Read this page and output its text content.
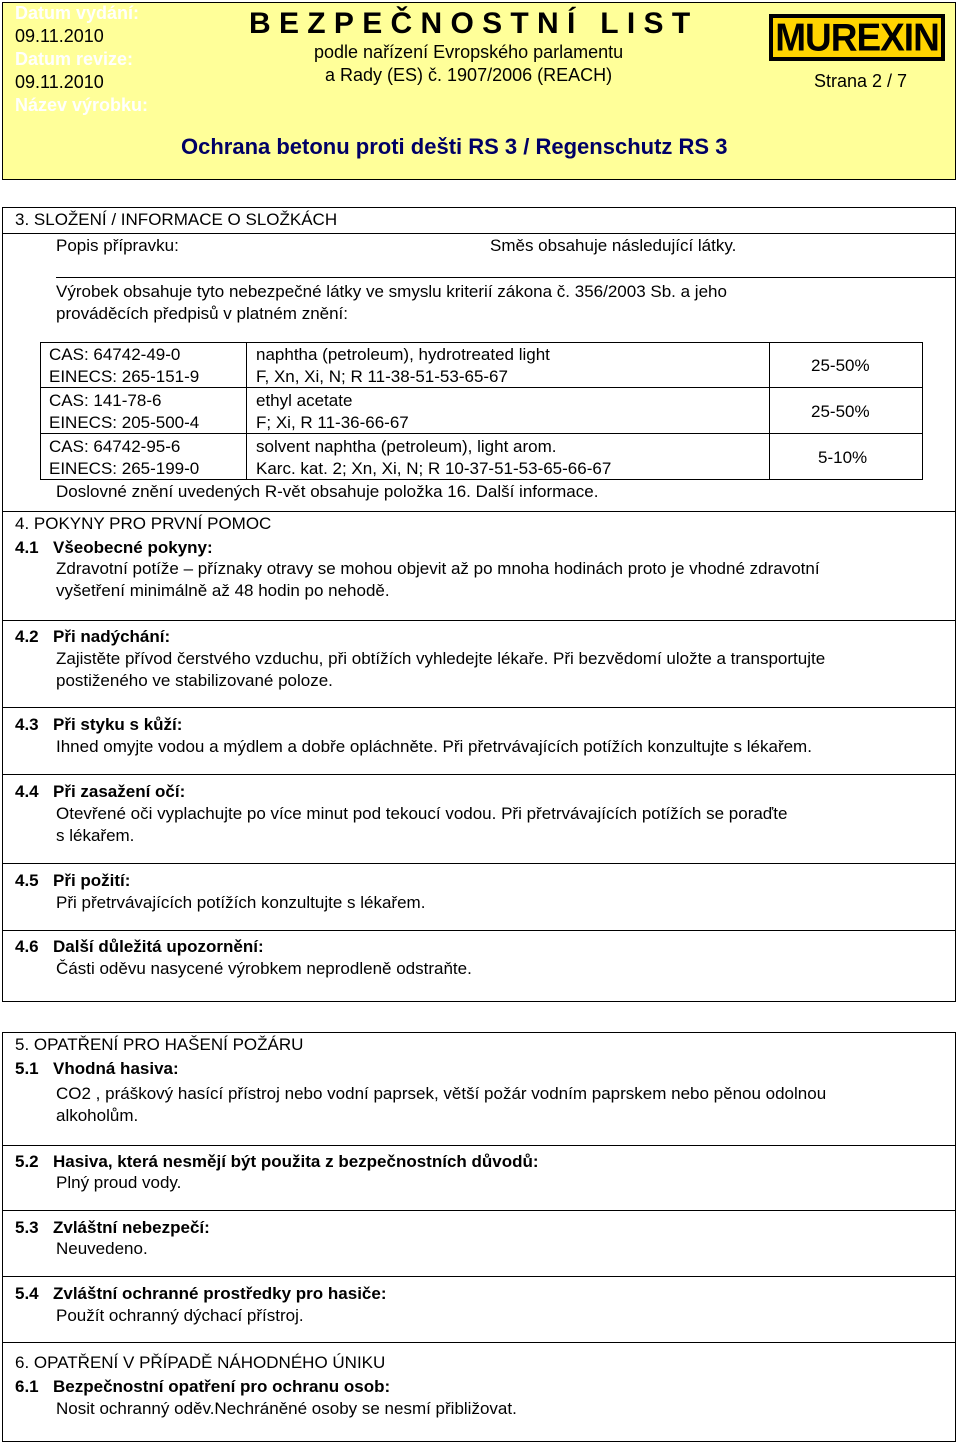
Datum vydání:
09.11.2010
Datum revize:
09.11.2010
Název výrobku:
BEZPEČNOSTNÍ LIST
podle nařízení Evropského parlamentu
a Rady (ES) č. 1907/2006 (REACH)	Strana 2 / 7
Ochrana betonu proti dešti RS 3 / Regenschutz RS 3
MUREXIN
3. SLOŽENÍ / INFORMACE O SLOŽKÁCH
Popis přípravku:	Směs obsahuje následující látky.
Výrobek obsahuje tyto nebezpečné látky ve smyslu kriterií zákona č. 356/2003 Sb. a jeho
prováděcích předpisů v platném znění:
CAS: 64742-49-0
EINECS: 265-151-9
naphtha (petroleum), hydrotreated light
F, Xn, Xi, N; R 11-38-51-53-65-67
25-50%
CAS: 141-78-6
EINECS: 205-500-4
ethyl acetate
F; Xi, R 11-36-66-67
25-50%
CAS: 64742-95-6
EINECS: 265-199-0
solvent naphtha (petroleum), light arom.
Karc. kat. 2; Xn, Xi, N; R 10-37-51-53-65-66-67
5-10%
Doslovné znění uvedených R-vět obsahuje položka 16. Další informace.
4. POKYNY PRO PRVNÍ POMOC
4.1 Všeobecné pokyny:
Zdravotní potíže – příznaky otravy se mohou objevit až po mnoha hodinách proto je vhodné zdravotní
vyšetření minimálně až 48 hodin po nehodě.
4.2 Při nadýchání:
Zajistěte přívod čerstvého vzduchu, při obtížích vyhledejte lékaře. Při bezvědomí uložte a transportujte
postiženého ve stabilizované poloze.
4.3 Při styku s kůží:
Ihned omyjte vodou a mýdlem a dobře opláchněte. Při přetrvávajících potížích konzultujte s lékařem.
4.4 Při zasažení očí:
Otevřené oči vyplachujte po více minut pod tekoucí vodou. Při přetrvávajících potížích se poraďte
s lékařem.
4.5 Při požití:
Při přetrvávajících potížích konzultujte s lékařem.
4.6 Další důležitá upozornění:
Části oděvu nasycené výrobkem neprodleně odstraňte.
5. OPATŘENÍ PRO HAŠENÍ POŽÁRU
5.1 Vhodná hasiva:
CO2 , práškový hasící přístroj nebo vodní paprsek, větší požár vodním paprskem nebo pěnou odolnou
alkoholům.
5.2 Hasiva, která nesmějí být použita z bezpečnostních důvodů:
Plný proud vody.
5.3 Zvláštní nebezpečí:
Neuvedeno.
5.4 Zvláštní ochranné prostředky pro hasiče:
Použít ochranný dýchací přístroj.
6. OPATŘENÍ V PŘÍPADĚ NÁHODNÉHO ÚNIKU
6.1 Bezpečnostní opatření pro ochranu osob:
Nosit ochranný oděv.Nechráněné osoby se nesmí přibližovat.
